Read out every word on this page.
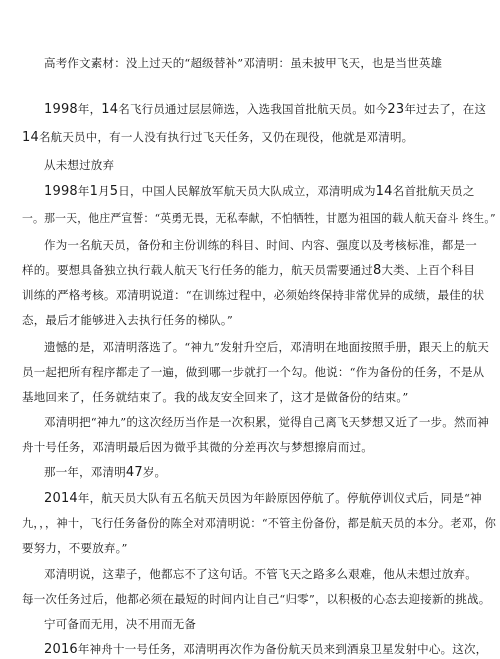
高考作文素材：没上过天的“超级替补”邓清明：虽未披甲飞天，也是当世英雄
1998年，14名飞行员通过层层筛选，入选我国首批航天员。如今23年过去了，在这
14名航天员中，有一人没有执行过飞天任务，又仍在现役，他就是邓清明。
从未想过放弃
1998年1月5日，中国人民解放军航天员大队成立，邓清明成为14名首批航天员之
一。那一天，他庄严宣誓：“英勇无畏，无私奉献，不怕牺牲，甘愿为祖国的载人航天奋斗 终生。”
作为一名航天员，备份和主份训练的科目、时间、内容、强度以及考核标准，都是一
样的。要想具备独立执行载人航天飞行任务的能力，航天员需要通过8大类、上百个科目
训练的严格考核。邓清明说道：“在训练过程中，必须始终保持非常优异的成绩，最佳的状
态，最后才能够进入去执行任务的梯队。”
遗憾的是，邓清明落选了。“神九”发射升空后，邓清明在地面按照手册，跟天上的航天
员一起把所有程序都走了一遍，做到哪一步就打一个勾。他说：“作为备份的任务，不是从
基地回来了，任务就结束了。我的战友安全回来了，这才是做备份的结束。”
邓清明把“神九”的这次经历当作是一次积累，觉得自己离飞天梦想又近了一步。然而神
舟十号任务，邓清明最后因为微乎其微的分差再次与梦想擦肩而过。
那一年，邓清明47岁。
2014年，航天员大队有五名航天员因为年龄原因停航了。停航停训仪式后，同是“神
九，，，神十，飞行任务备份的陈全对邓清明说：“不管主份备份，都是航天员的本分。老邓，你
要努力，不要放弃。”
邓清明说，这辈子，他都忘不了这句话。不管飞天之路多么艰难，他从未想过放弃。
每一次任务过后，他都必须在最短的时间内让自己“归零”，以积极的心态去迎接新的挑战。
宁可备而无用，决不用而无备
2016年神舟十一号任务，邓清明再次作为备份航天员来到酒泉卫星发射中心。这次，
